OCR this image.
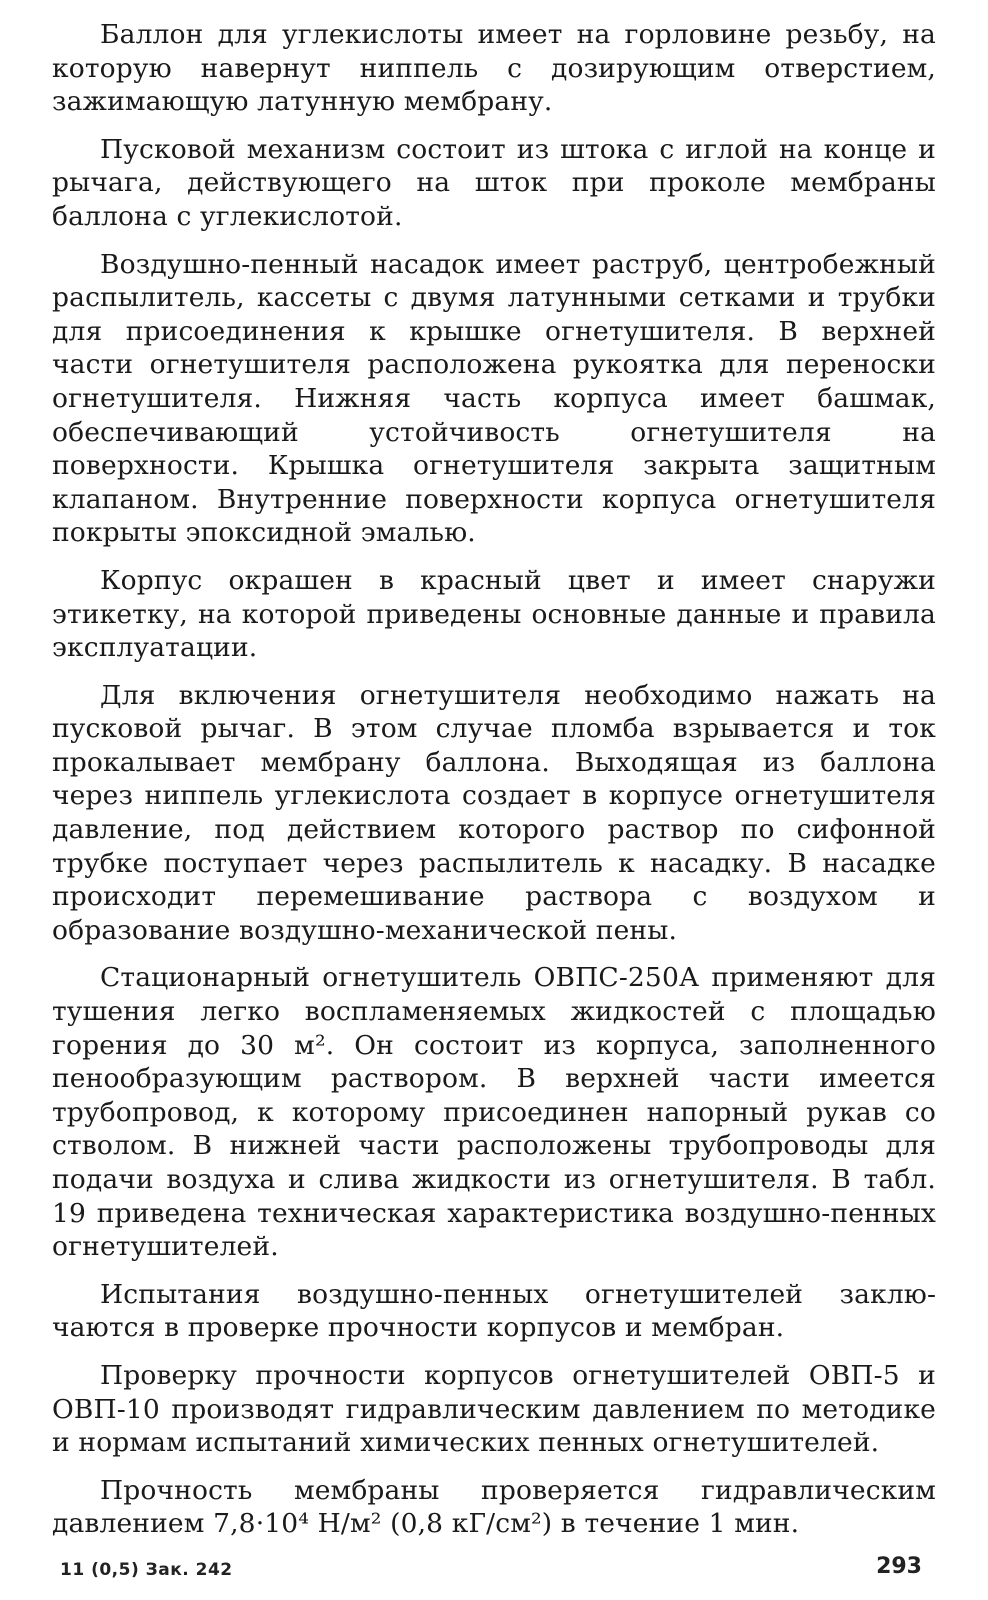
Баллон для углекислоты имеет на горловине резьбу, на которую навернут ниппель с дозирующим отверстием, зажимающую латунную мембрану.

Пусковой механизм состоит из штока с иглой на конце и рычага, действующего на шток при проколе мембраны баллона с углекислотой.

Воздушно-пенный насадок имеет раструб, центробежный распылитель, кассеты с двумя латунными сетками и трубки для присоединения к крышке огнетушителя. В верхней части огнетушителя расположена рукоятка для переноски огнетушителя. Нижняя часть корпуса имеет башмак, обеспечивающий устойчивость огнетушителя на поверхности. Крышка огнетушителя закрыта защитным клапаном. Внутренние поверхности корпуса огнетушителя покрыты эпоксидной эмалью.

Корпус окрашен в красный цвет и имеет снаружи этикетку, на которой приведены основные данные и правила эксплуатации.

Для включения огнетушителя необходимо нажать на пусковой рычаг. В этом случае пломба взрывается и ток прокалывает мембрану баллона. Выходящая из баллона через ниппель углекислота создает в корпусе огнетушителя давление, под действием которого раствор по сифонной трубке поступает через распылитель к насадку. В насадке происходит перемешивание раствора с воздухом и образование воздушно-механической пены.

Стационарный огнетушитель ОВПС-250А применяют для тушения легко воспламеняемых жидкостей с площадью горения до 30 м². Он состоит из корпуса, заполненного пенообразующим раствором. В верхней части имеется трубопровод, к которому присоединен напорный рукав со стволом. В нижней части расположены трубопроводы для подачи воздуха и слива жидкости из огнетушителя. В табл. 19 приведена техническая характеристика воздушно-пенных огнетушителей.

Испытания воздушно-пенных огнетушителей заключаются в проверке прочности корпусов и мембран.

Проверку прочности корпусов огнетушителей ОВП-5 и ОВП-10 производят гидравлическим давлением по методике и нормам испытаний химических пенных огнетушителей.

Прочность мембраны проверяется гидравлическим давлением 7,8·10⁴ Н/м² (0,8 кГ/см²) в течение 1 мин.

11 (0,5) Зак. 242	293
